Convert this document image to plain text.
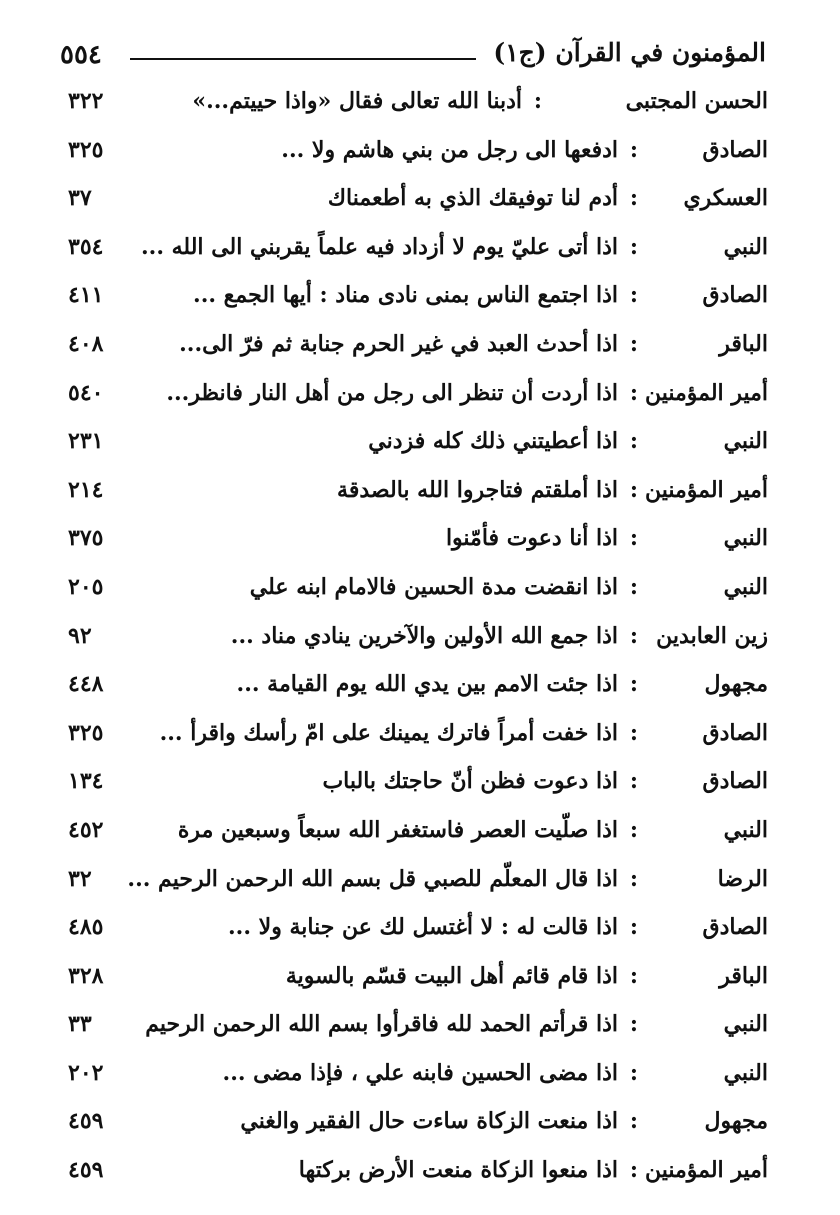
٥٥٤	المؤمنون في القرآن (ج١)
الحسن المجتبى
:
أدبنا الله تعالى فقال «واذا حييتم...»
٣٢٢
الصادق
:
ادفعها الى رجل من بني هاشم ولا ...
٣٢٥
العسكري
:
أدم لنا توفيقك الذي به أطعمناك
٣٧
النبي
:
اذا أتى عليّ يوم لا أزداد فيه علماً يقربني الى الله ...
٣٥٤
الصادق
:
اذا اجتمع الناس بمنى نادى مناد : أيها الجمع ...
٤١١
الباقر
:
اذا أحدث العبد في غير الحرم جنابة ثم فرّ الى...
٤٠٨
أمير المؤمنين
:
اذا أردت أن تنظر الى رجل من أهل النار فانظر...
٥٤٠
النبي
:
اذا أعطيتني ذلك كله فزدني
٢٣١
أمير المؤمنين
:
اذا أملقتم فتاجروا الله بالصدقة
٢١٤
النبي
:
اذا أنا دعوت فأمّنوا
٣٧٥
النبي
:
اذا انقضت مدة الحسين فالامام ابنه علي
٢٠٥
زين العابدين
:
اذا جمع الله الأولين والآخرين ينادي مناد ...
٩٢
مجهول
:
اذا جئت الامم بين يدي الله يوم القيامة ...
٤٤٨
الصادق
:
اذا خفت أمراً فاترك يمينك على امّ رأسك واقرأ ...
٣٢٥
الصادق
:
اذا دعوت فظن أنّ حاجتك بالباب
١٣٤
النبي
:
اذا صلّيت العصر فاستغفر الله سبعاً وسبعين مرة
٤٥٢
الرضا
:
اذا قال المعلّم للصبي قل بسم الله الرحمن الرحيم ...
٣٢
الصادق
:
اذا قالت له : لا أغتسل لك عن جنابة ولا ...
٤٨٥
الباقر
:
اذا قام قائم أهل البيت قسّم بالسوية
٣٢٨
النبي
:
اذا قرأتم الحمد لله فاقرأوا بسم الله الرحمن الرحيم
٣٣
النبي
:
اذا مضى الحسين فابنه علي ، فإذا مضى ...
٢٠٢
مجهول
:
اذا منعت الزكاة ساءت حال الفقير والغني
٤٥٩
أمير المؤمنين
:
اذا منعوا الزكاة منعت الأرض بركتها
٤٥٩
